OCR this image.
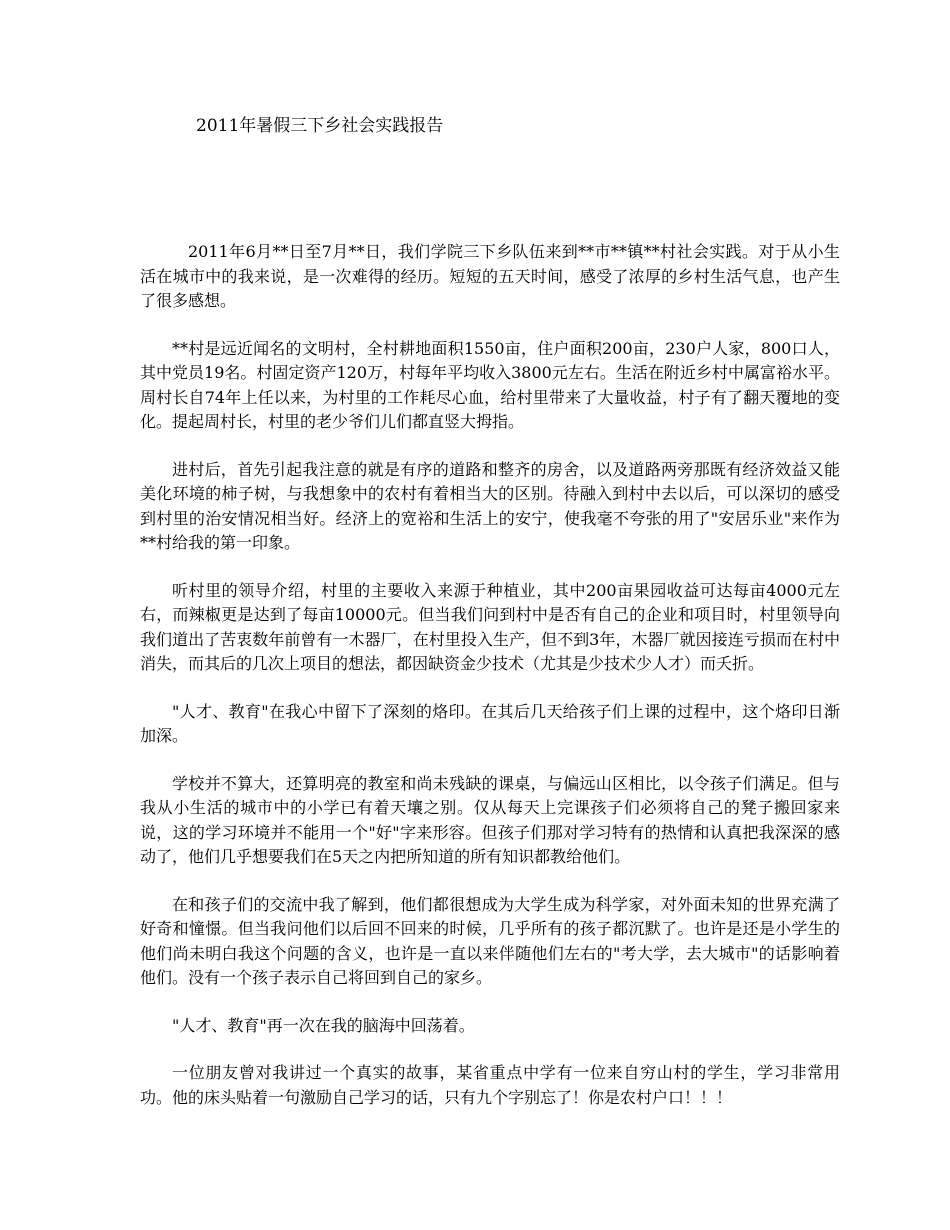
2011年暑假三下乡社会实践报告

2011年6月**日至7月**日，我们学院三下乡队伍来到**市**镇**村社会实践。对于从小生活在城市中的我来说，是一次难得的经历。短短的五天时间，感受了浓厚的乡村生活气息，也产生了很多感想。

**村是远近闻名的文明村，全村耕地面积1550亩，住户面积200亩，230户人家，800口人，其中党员19名。村固定资产120万，村每年平均收入3800元左右。生活在附近乡村中属富裕水平。周村长自74年上任以来，为村里的工作耗尽心血，给村里带来了大量收益，村子有了翻天覆地的变化。提起周村长，村里的老少爷们儿们都直竖大拇指。

进村后，首先引起我注意的就是有序的道路和整齐的房舍，以及道路两旁那既有经济效益又能美化环境的柿子树，与我想象中的农村有着相当大的区别。待融入到村中去以后，可以深切的感受到村里的治安情况相当好。经济上的宽裕和生活上的安宁，使我毫不夸张的用了"安居乐业"来作为**村给我的第一印象。

听村里的领导介绍，村里的主要收入来源于种植业，其中200亩果园收益可达每亩4000元左右，而辣椒更是达到了每亩10000元。但当我们问到村中是否有自己的企业和项目时，村里领导向我们道出了苦衷数年前曾有一木器厂，在村里投入生产，但不到3年，木器厂就因接连亏损而在村中消失，而其后的几次上项目的想法，都因缺资金少技术（尤其是少技术少人才）而夭折。

"人才、教育"在我心中留下了深刻的烙印。在其后几天给孩子们上课的过程中，这个烙印日渐加深。

学校并不算大，还算明亮的教室和尚未残缺的课桌，与偏远山区相比，以令孩子们满足。但与我从小生活的城市中的小学已有着天壤之别。仅从每天上完课孩子们必须将自己的凳子搬回家来说，这的学习环境并不能用一个"好"字来形容。但孩子们那对学习特有的热情和认真把我深深的感动了，他们几乎想要我们在5天之内把所知道的所有知识都教给他们。

在和孩子们的交流中我了解到，他们都很想成为大学生成为科学家，对外面未知的世界充满了好奇和憧憬。但当我问他们以后回不回来的时候，几乎所有的孩子都沉默了。也许是还是小学生的他们尚未明白我这个问题的含义，也许是一直以来伴随他们左右的"考大学，去大城市"的话影响着他们。没有一个孩子表示自己将回到自己的家乡。

"人才、教育"再一次在我的脑海中回荡着。

一位朋友曾对我讲过一个真实的故事，某省重点中学有一位来自穷山村的学生，学习非常用功。他的床头贴着一句激励自己学习的话，只有九个字别忘了！你是农村户口！！！
